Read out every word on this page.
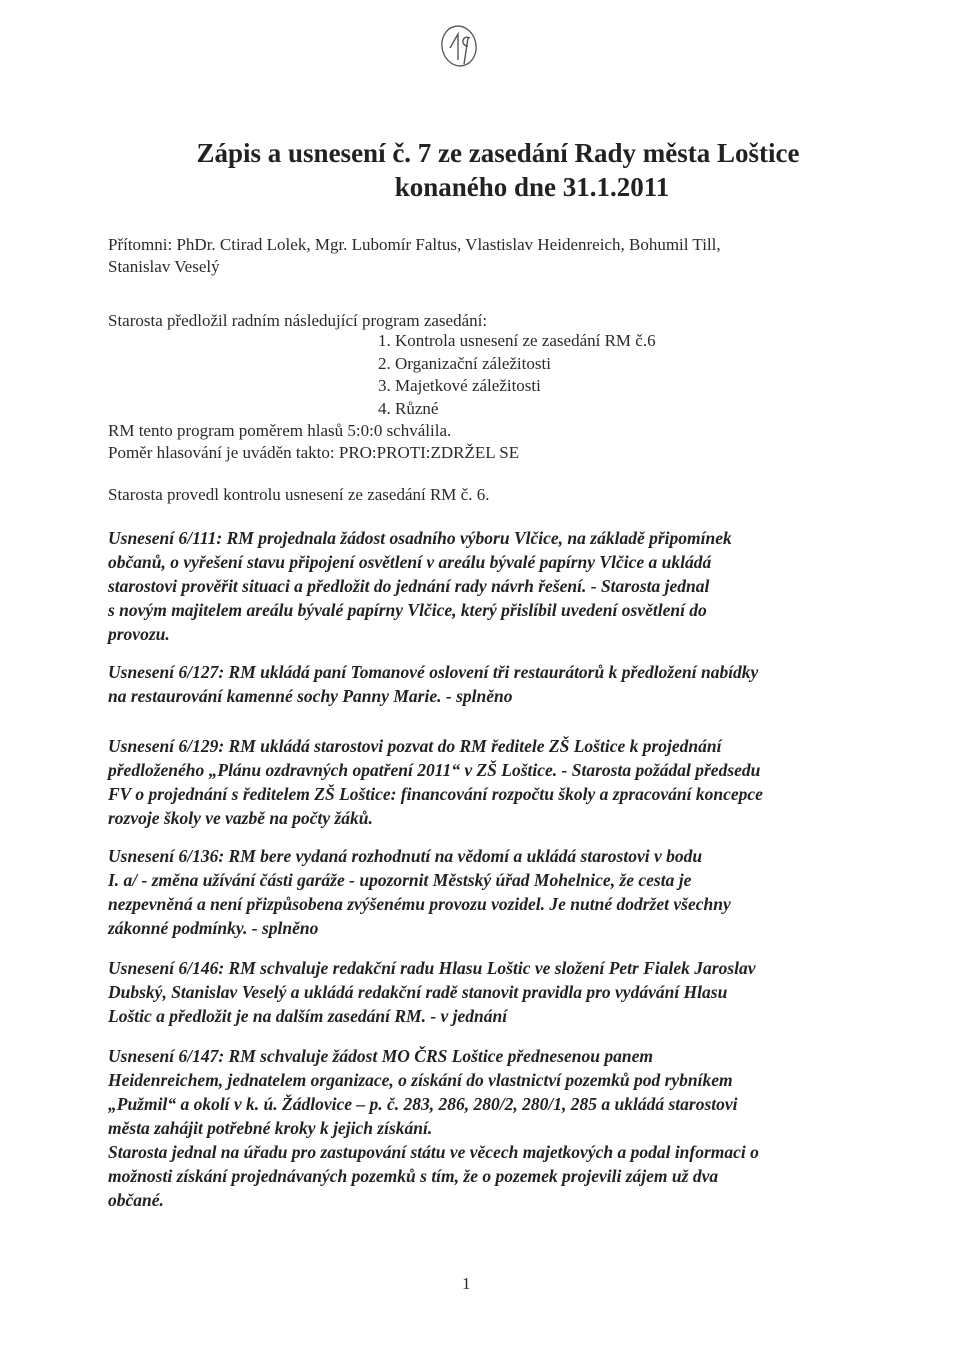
Zápis a usnesení č. 7 ze zasedání Rady města Loštice
konaného dne 31.1.2011
Přítomni: PhDr. Ctirad Lolek, Mgr. Lubomír Faltus, Vlastislav Heidenreich, Bohumil Till,
Stanislav Veselý
Starosta předložil radním následující program zasedání:
1. Kontrola usnesení ze zasedání RM č.6
2. Organizační záležitosti
3. Majetkové záležitosti
4. Různé
RM tento program poměrem hlasů 5:0:0 schválila.
Poměr hlasování je uváděn takto: PRO:PROTI:ZDRŽEL SE
Starosta provedl kontrolu usnesení ze zasedání RM č. 6.
Usnesení 6/111: RM projednala žádost osadního výboru Vlčice, na základě připomínek
občanů, o vyřešení stavu připojení osvětlení v areálu bývalé papírny Vlčice a ukládá
starostovi prověřit situaci a předložit do jednání rady návrh řešení. - Starosta jednal
s novým majitelem areálu bývalé papírny Vlčice, který přislíbil uvedení osvětlení do
provozu.
Usnesení 6/127: RM ukládá paní Tomanové oslovení tři restaurátorů k předložení nabídky
na restaurování kamenné sochy Panny Marie. - splněno
Usnesení 6/129: RM ukládá starostovi pozvat do RM ředitele ZŠ Loštice k projednání
předloženého „Plánu ozdravných opatření 2011“ v ZŠ Loštice. - Starosta požádal předsedu
FV o projednání s ředitelem ZŠ Loštice: financování rozpočtu školy a zpracování koncepce
rozvoje školy ve vazbě na počty žáků.
Usnesení 6/136: RM bere vydaná rozhodnutí na vědomí a ukládá starostovi v bodu
I. a/ - změna užívání části garáže - upozornit Městský úřad Mohelnice, že cesta je
nezpevněná a není přizpůsobena zvýšenému provozu vozidel. Je nutné dodržet všechny
zákonné podmínky. - splněno
Usnesení 6/146: RM schvaluje redakční radu Hlasu Loštic ve složení Petr Fialek Jaroslav
Dubský, Stanislav Veselý a ukládá redakční radě stanovit pravidla pro vydávání Hlasu
Loštic a předložit je na dalším zasedání RM. - v jednání
Usnesení 6/147: RM schvaluje žádost MO ČRS Loštice přednesenou panem
Heidenreichem, jednatelem organizace, o získání do vlastnictví pozemků pod rybníkem
„Pužmil“ a okolí v k. ú. Žádlovice – p. č. 283, 286, 280/2, 280/1, 285 a ukládá starostovi
města zahájit potřebné kroky k jejich získání.
Starosta jednal na úřadu pro zastupování státu ve věcech majetkových a podal informaci o
možnosti získání projednávaných pozemků s tím, že o pozemek projevili zájem už dva
občané.
1
